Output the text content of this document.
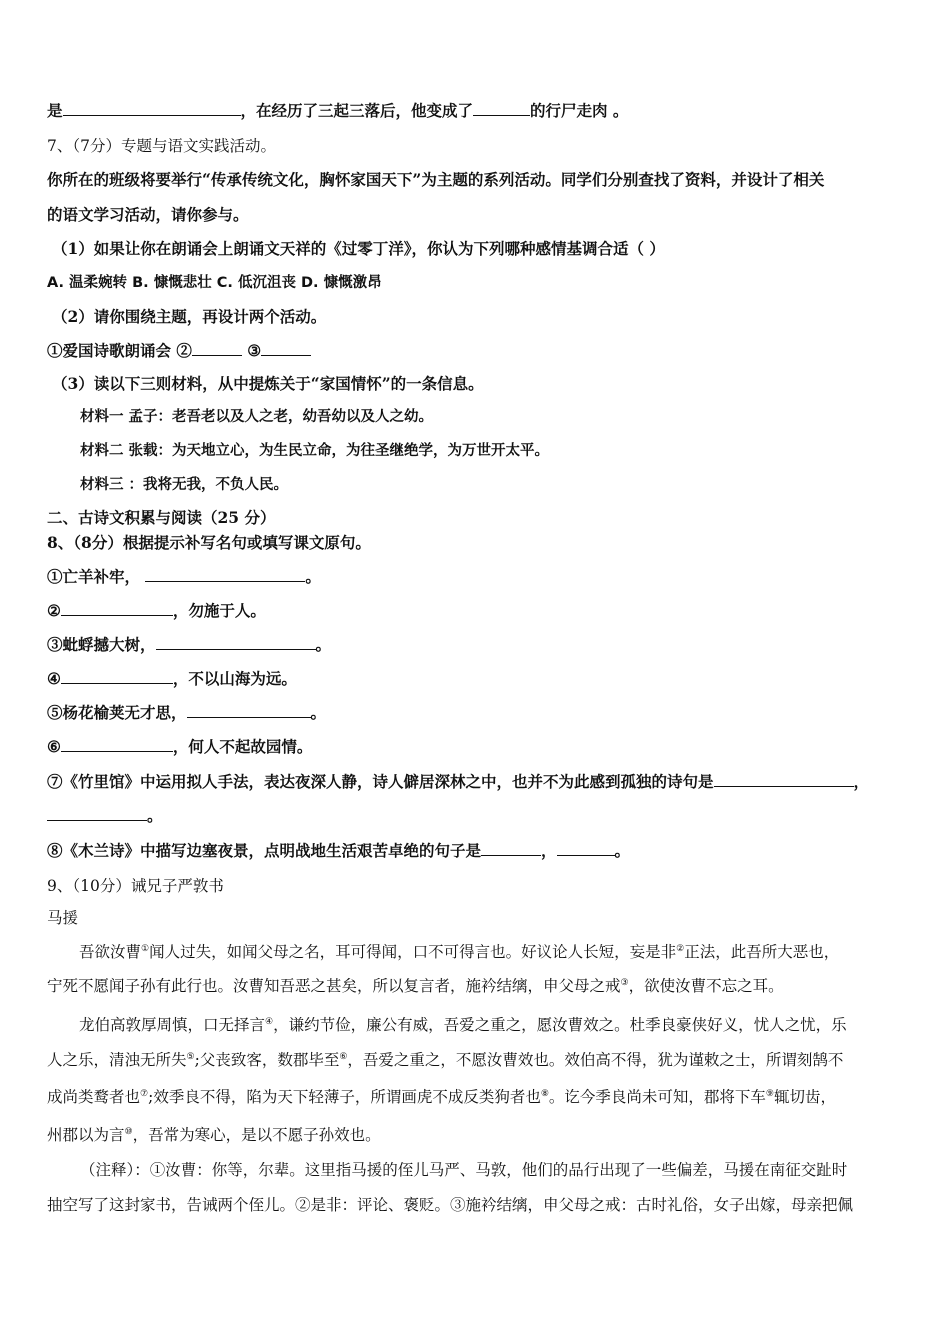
是	，在经历了三起三落后，他变成了	的行尸走肉 。
7、（7分）专题与语文实践活动。
你所在的班级将要举行“传承传统文化，胸怀家国天下”为主题的系列活动。同学们分别查找了资料，并设计了相关
的语文学习活动，请你参与。
（1）如果让你在朗诵会上朗诵文天祥的《过零丁洋》，你认为下列哪种感情基调合适（ ）
A. 温柔婉转 B. 慷慨悲壮 C. 低沉沮丧 D. 慷慨激昂
（2）请你围绕主题，再设计两个活动。
①爱国诗歌朗诵会 ②	③
（3）读以下三则材料，从中提炼关于“家国情怀”的一条信息。
材料一 孟子：老吾老以及人之老，幼吾幼以及人之幼。
材料二 张载：为天地立心，为生民立命，为往圣继绝学，为万世开太平。
材料三 ：我将无我，不负人民。
二、古诗文积累与阅读（25 分）
8、（8分）根据提示补写名句或填写课文原句。
①亡羊补牢，	。
②	，勿施于人。
③蚍蜉撼大树，	。
④	，不以山海为远。
⑤杨花榆荚无才思，	。
⑥	，何人不起故园情。
⑦《竹里馆》中运用拟人手法，表达夜深人静，诗人僻居深林之中，也并不为此感到孤独的诗句是	，
。
⑧《木兰诗》中描写边塞夜景，点明战地生活艰苦卓绝的句子是	，	。
9、（10分）诫兄子严敦书
马援
吾欲汝曹①闻人过失，如闻父母之名，耳可得闻，口不可得言也。好议论人长短，妄是非②正法，此吾所大恶也，
宁死不愿闻子孙有此行也。汝曹知吾恶之甚矣，所以复言者，施衿结缡，申父母之戒③，欲使汝曹不忘之耳。
龙伯高敦厚周慎，口无择言④，谦约节俭，廉公有威，吾爱之重之，愿汝曹效之。杜季良豪侠好义，忧人之忧，乐
人之乐，清浊无所失⑤;父丧致客，数郡毕至⑥，吾爱之重之，不愿汝曹效也。效伯高不得，犹为谨敕之士，所谓刻鹄不
成尚类鹜者也⑦;效季良不得，陷为天下轻薄子，所谓画虎不成反类狗者也⑧。讫今季良尚未可知，郡将下车⑨辄切齿，
州郡以为言⑩，吾常为寒心，是以不愿子孙效也。
（注释）：①汝曹：你等，尔辈。这里指马援的侄儿马严、马敦，他们的品行出现了一些偏差，马援在南征交趾时
抽空写了这封家书，告诫两个侄儿。②是非：评论、褒贬。③施衿结缡，申父母之戒：古时礼俗，女子出嫁，母亲把佩
